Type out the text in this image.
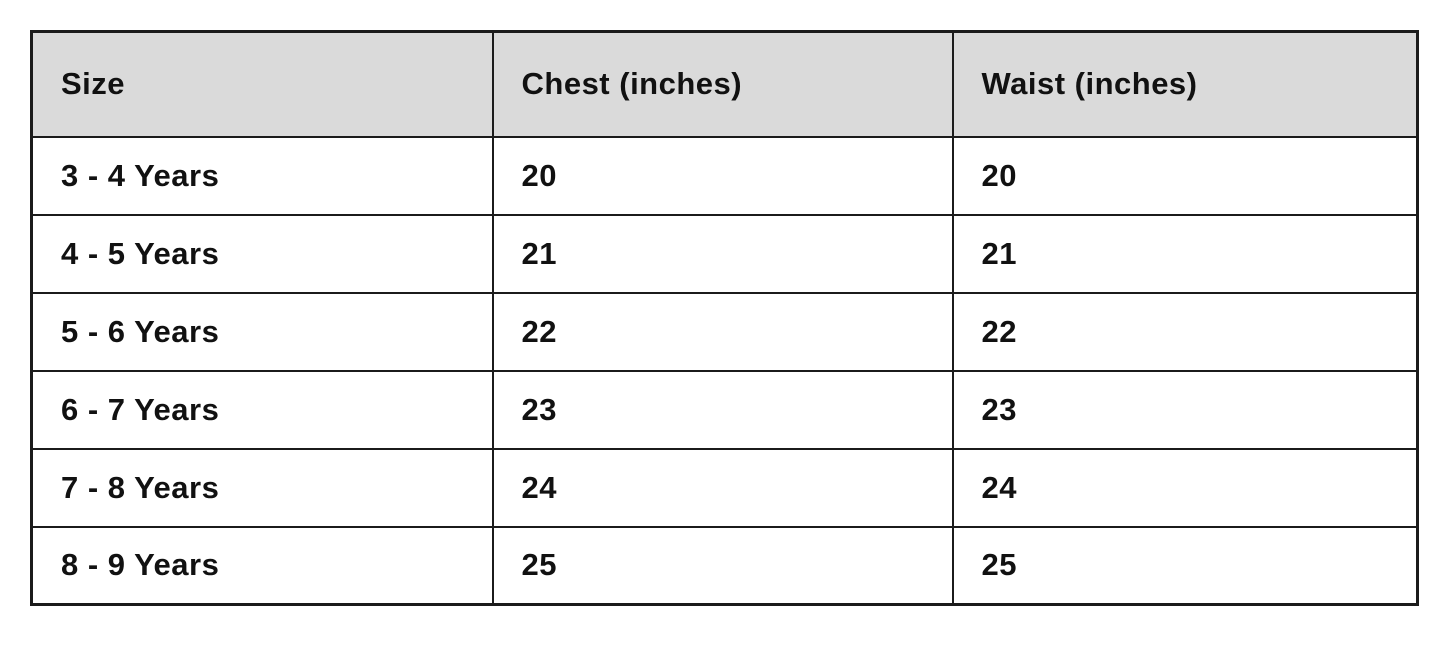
Size	Chest (inches)	Waist (inches)
3 - 4 Years	20	20
4 - 5 Years	21	21
5 - 6 Years	22	22
6 - 7 Years	23	23
7 - 8 Years	24	24
8 - 9 Years	25	25
